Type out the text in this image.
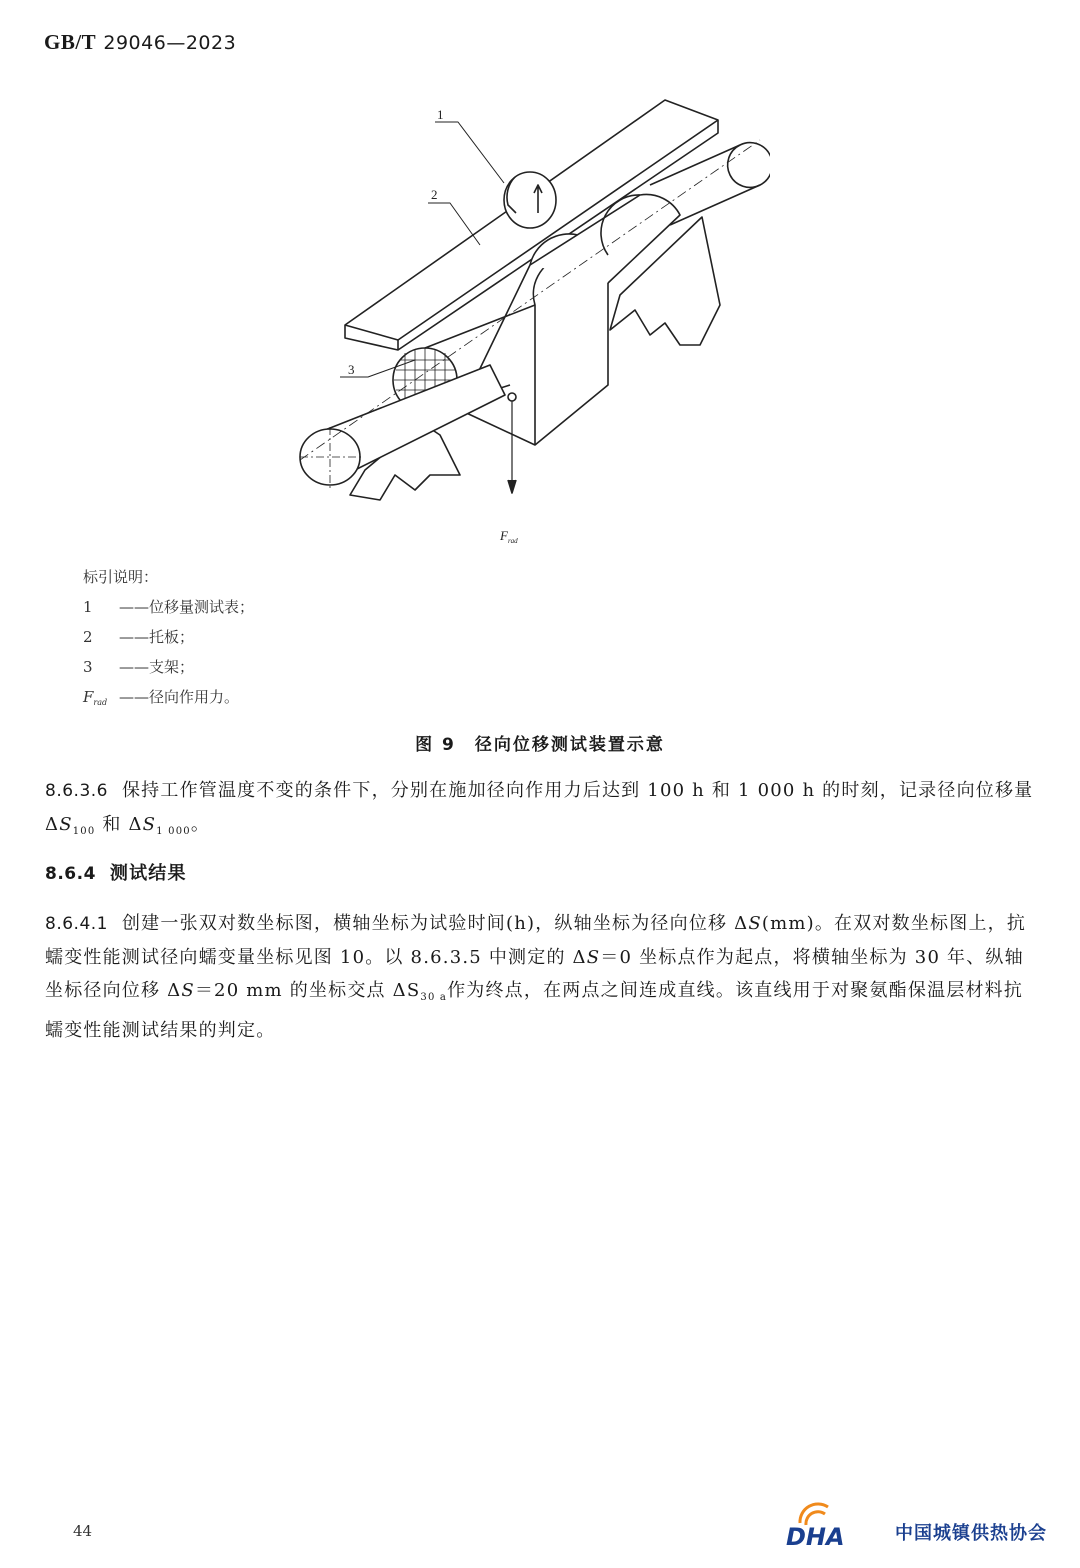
GB/T 29046—2023
1
2
3
$F_{rad}$
标引说明：
1	——位移量测试表；
2	——托板；
3	——支架；
$F_{rad}$ ——径向作用力。
图 9　径向位移测试装置示意
8.6.3.6 保持工作管温度不变的条件下，分别在施加径向作用力后达到 100 h 和 1 000 h 的时刻，记录径向位移量 $\Delta S_{100}$ 和 $\Delta S_{1 000}$。
8.6.4 测试结果
8.6.4.1 创建一张双对数坐标图，横轴坐标为试验时间(h)，纵轴坐标为径向位移 ΔS(mm)。在双对数坐标图上，抗蠕变性能测试径向蠕变量坐标见图 10。以 8.6.3.5 中测定的 ΔS＝0 坐标点作为起点，将横轴坐标为 30 年、纵轴坐标径向位移 ΔS＝20 mm 的坐标交点 $\Delta S_{30 a}$作为终点，在两点之间连成直线。该直线用于对聚氨酯保温层材料抗蠕变性能测试结果的判定。
44	DHA	中国城镇供热协会
